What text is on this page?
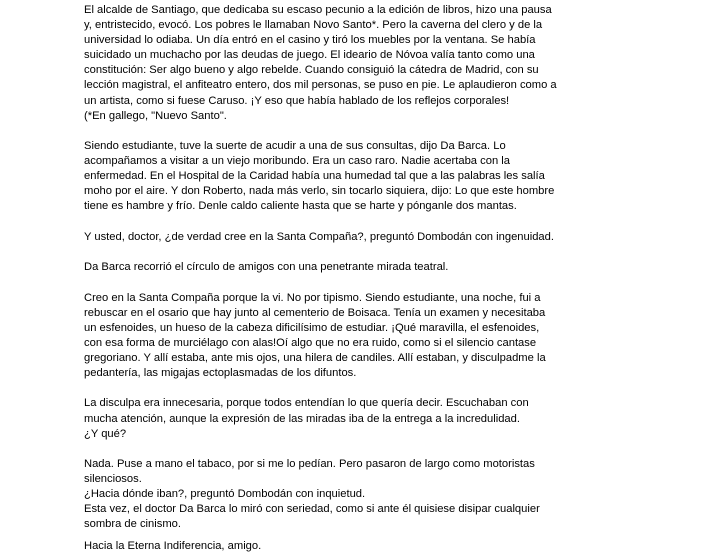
El alcalde de Santiago, que dedicaba su escaso pecunio a la edición de libros, hizo una pausa
y, entristecido, evocó. Los pobres le llamaban Novo Santo*. Pero la caverna del clero y de la
universidad lo odiaba. Un día entró en el casino y tiró los muebles por la ventana. Se había
suicidado un muchacho por las deudas de juego. El ideario de Nóvoa valía tanto como una
constitución: Ser algo bueno y algo rebelde. Cuando consiguió la cátedra de Madrid, con su
lección magistral, el anfiteatro entero, dos mil personas, se puso en pie. Le aplaudieron como a
un artista, como si fuese Caruso. ¡Y eso que había hablado de los reflejos corporales!
(*En gallego, "Nuevo Santo".
Siendo estudiante, tuve la suerte de acudir a una de sus consultas, dijo Da Barca. Lo
acompañamos a visitar a un viejo moribundo. Era un caso raro. Nadie acertaba con la
enfermedad. En el Hospital de la Caridad había una humedad tal que a las palabras les salía
moho por el aire. Y don Roberto, nada más verlo, sin tocarlo siquiera, dijo: Lo que este hombre
tiene es hambre y frío. Denle caldo caliente hasta que se harte y pónganle dos mantas.
Y usted, doctor, ¿de verdad cree en la Santa Compaña?, preguntó Dombodán con ingenuidad.
Da Barca recorrió el círculo de amigos con una penetrante mirada teatral.
Creo en la Santa Compaña porque la vi. No por tipismo. Siendo estudiante, una noche, fui a
rebuscar en el osario que hay junto al cementerio de Boisaca. Tenía un examen y necesitaba
un esfenoides, un hueso de la cabeza dificilísimo de estudiar. ¡Qué maravilla, el esfenoides,
con esa forma de murciélago con alas!Oí algo que no era ruido, como si el silencio cantase
gregoriano. Y allí estaba, ante mis ojos, una hilera de candiles. Allí estaban, y disculpadme la
pedantería, las migajas ectoplasmadas de los difuntos.
La disculpa era innecesaria, porque todos entendían lo que quería decir. Escuchaban con
mucha atención, aunque la expresión de las miradas iba de la entrega a la incredulidad.
¿Y qué?
Nada. Puse a mano el tabaco, por si me lo pedían. Pero pasaron de largo como motoristas
silenciosos.
¿Hacia dónde iban?, preguntó Dombodán con inquietud.
Esta vez, el doctor Da Barca lo miró con seriedad, como si ante él quisiese disipar cualquier
sombra de cinismo.
Hacia la Eterna Indiferencia, amigo.
